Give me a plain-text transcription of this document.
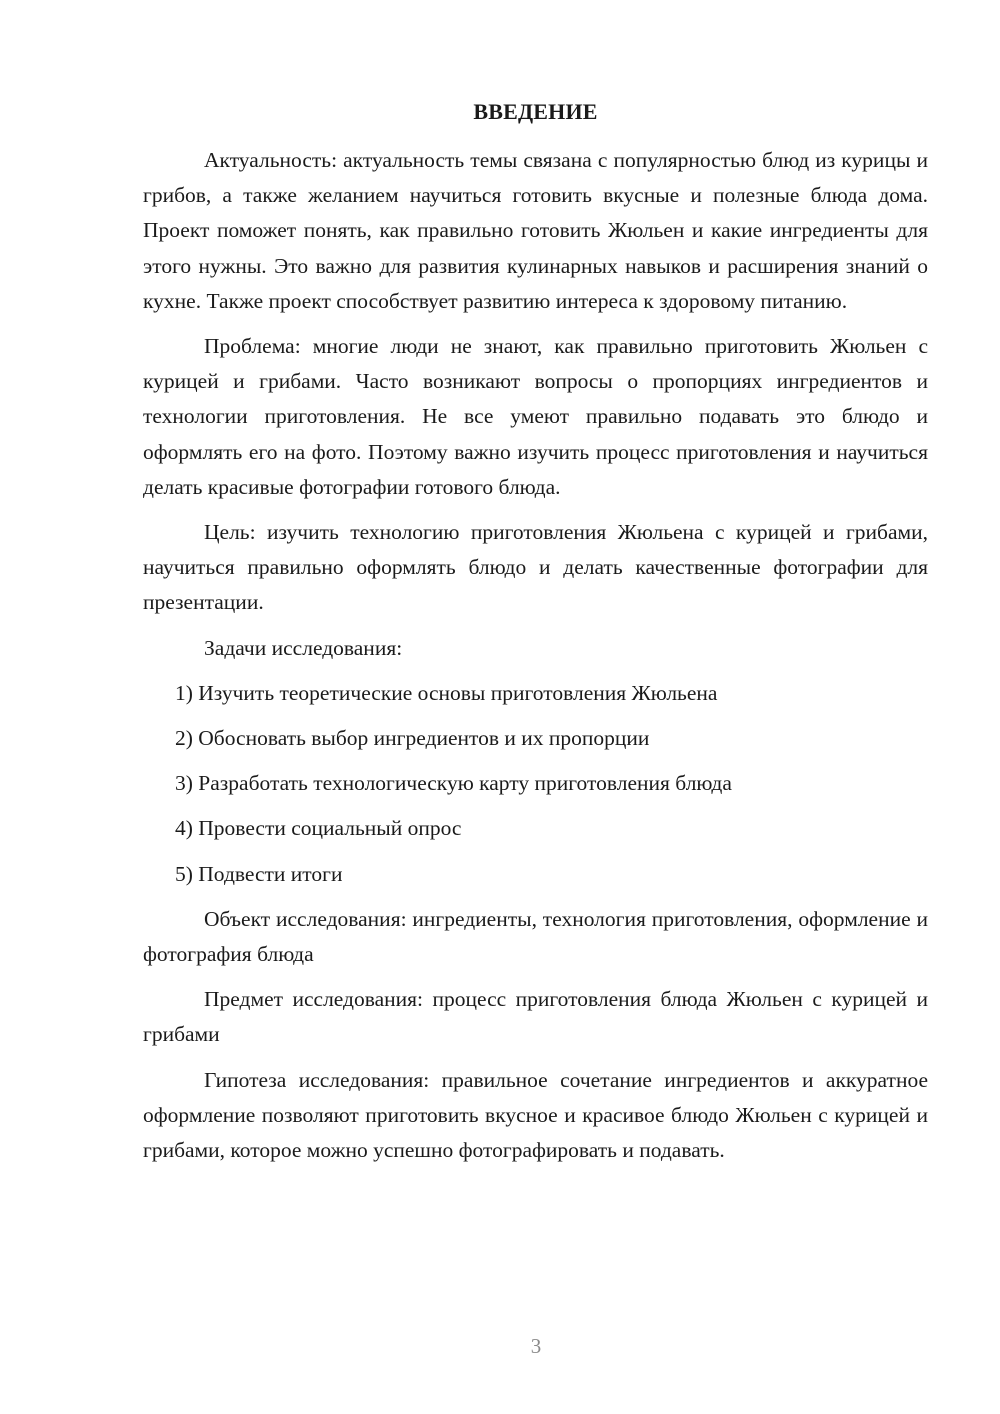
ВВЕДЕНИЕ

Актуальность: актуальность темы связана с популярностью блюд из курицы и грибов, а также желанием научиться готовить вкусные и полезные блюда дома. Проект поможет понять, как правильно готовить Жюльен и какие ингредиенты для этого нужны. Это важно для развития кулинарных навыков и расширения знаний о кухне. Также проект способствует развитию интереса к здоровому питанию.

Проблема: многие люди не знают, как правильно приготовить Жюльен с курицей и грибами. Часто возникают вопросы о пропорциях ингредиентов и технологии приготовления. Не все умеют правильно подавать это блюдо и оформлять его на фото. Поэтому важно изучить процесс приготовления и научиться делать красивые фотографии готового блюда.

Цель: изучить технологию приготовления Жюльена с курицей и грибами, научиться правильно оформлять блюдо и делать качественные фотографии для презентации.

Задачи исследования:

1) Изучить теоретические основы приготовления Жюльена
2) Обосновать выбор ингредиентов и их пропорции
3) Разработать технологическую карту приготовления блюда
4) Провести социальный опрос
5) Подвести итоги

Объект исследования: ингредиенты, технология приготовления, оформление и фотография блюда

Предмет исследования: процесс приготовления блюда Жюльен с курицей и грибами

Гипотеза исследования: правильное сочетание ингредиентов и аккуратное оформление позволяют приготовить вкусное и красивое блюдо Жюльен с курицей и грибами, которое можно успешно фотографировать и подавать.

3
